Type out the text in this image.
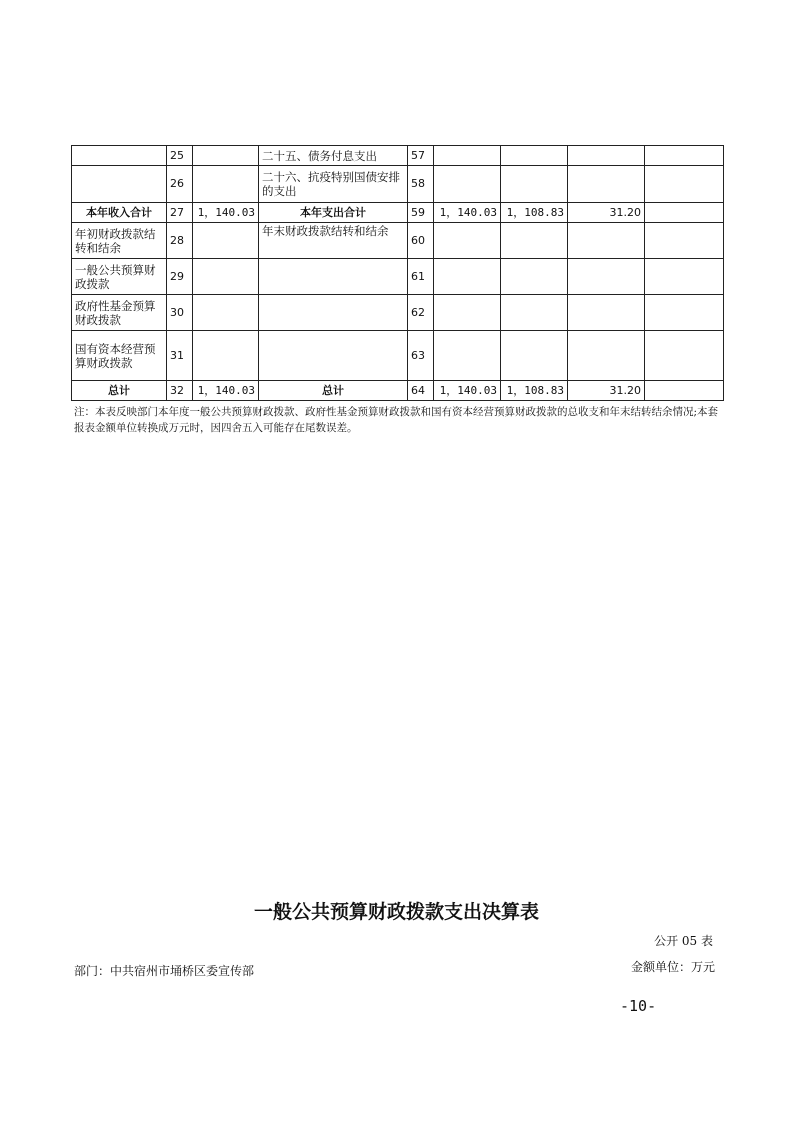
	25		二十五、债务付息支出	57				
	26		二十六、抗疫特别国债安排的支出	58				
本年收入合计	27	1，140.03	本年支出合计	59	1，140.03	1，108.83	31.20	
年初财政拨款结转和结余	28		年末财政拨款结转和结余	60				
一般公共预算财政拨款	29			61				
政府性基金预算财政拨款	30			62				
国有资本经营预算财政拨款	31			63				
总计	32	1，140.03	总计	64	1，140.03	1，108.83	31.20	

注：本表反映部门本年度一般公共预算财政拨款、政府性基金预算财政拨款和国有资本经营预算财政拨款的总收支和年末结转结余情况;本套报表金额单位转换成万元时，因四舍五入可能存在尾数误差。

一般公共预算财政拨款支出决算表
公开 05 表
部门：中共宿州市埇桥区委宣传部	金额单位：万元
-10-
